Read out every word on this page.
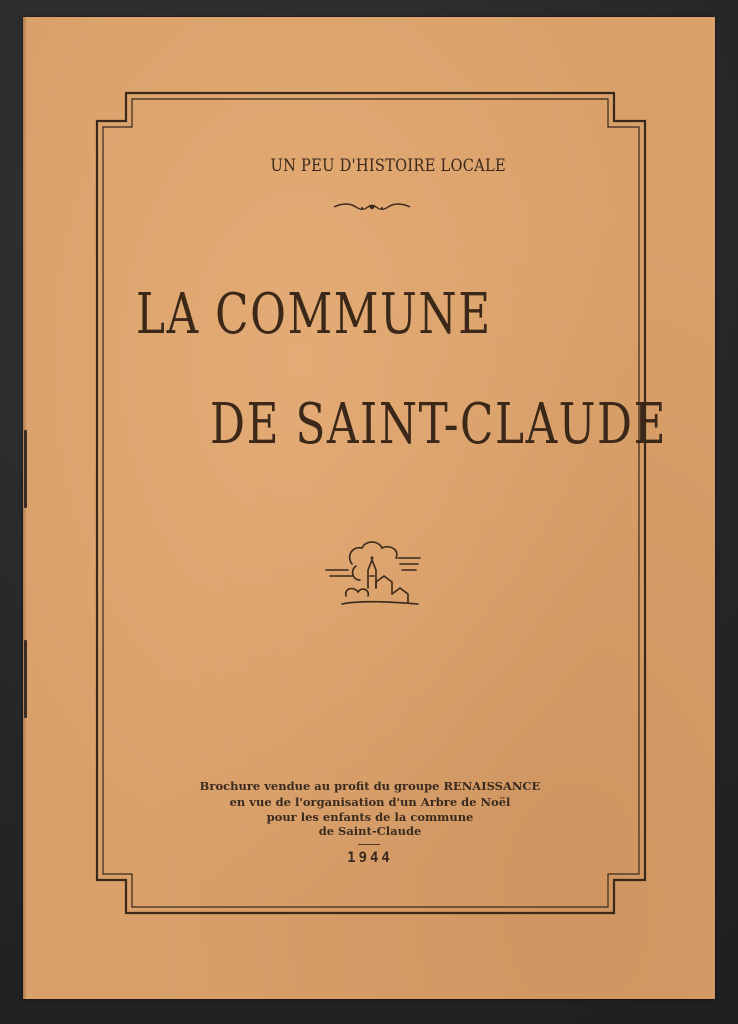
UN PEU D'HISTOIRE LOCALE

LA COMMUNE
DE SAINT-CLAUDE

Brochure vendue au profit du groupe RENAISSANCE

en vue de l'organisation d'un Arbre de Noël

pour les enfants de la commune

de Saint-Claude

1944
